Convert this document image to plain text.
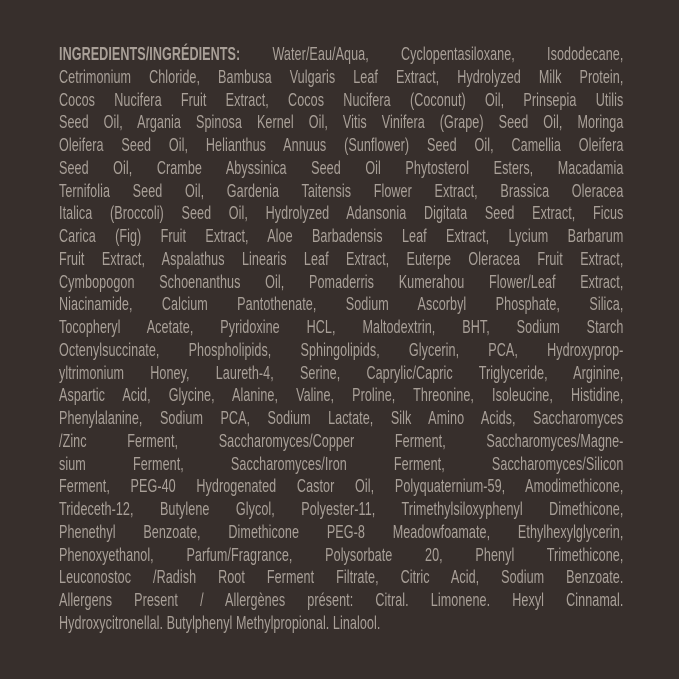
INGREDIENTS/INGRÉDIENTS: Water/Eau/Aqua, Cyclopentasiloxane, Isododecane,
Cetrimonium Chloride, Bambusa Vulgaris Leaf Extract, Hydrolyzed Milk Protein,
Cocos Nucifera Fruit Extract, Cocos Nucifera (Coconut) Oil, Prinsepia Utilis
Seed Oil, Argania Spinosa Kernel Oil, Vitis Vinifera (Grape) Seed Oil, Moringa
Oleifera Seed Oil, Helianthus Annuus (Sunflower) Seed Oil, Camellia Oleifera
Seed Oil, Crambe Abyssinica Seed Oil Phytosterol Esters, Macadamia
Ternifolia Seed Oil, Gardenia Taitensis Flower Extract, Brassica Oleracea
Italica (Broccoli) Seed Oil, Hydrolyzed Adansonia Digitata Seed Extract, Ficus
Carica (Fig) Fruit Extract, Aloe Barbadensis Leaf Extract, Lycium Barbarum
Fruit Extract, Aspalathus Linearis Leaf Extract, Euterpe Oleracea Fruit Extract,
Cymbopogon Schoenanthus Oil, Pomaderris Kumerahou Flower/Leaf Extract,
Niacinamide, Calcium Pantothenate, Sodium Ascorbyl Phosphate, Silica,
Tocopheryl Acetate, Pyridoxine HCL, Maltodextrin, BHT, Sodium Starch
Octenylsuccinate, Phospholipids, Sphingolipids, Glycerin, PCA, Hydroxyprop-
yltrimonium Honey, Laureth-4, Serine, Caprylic/Capric Triglyceride, Arginine,
Aspartic Acid, Glycine, Alanine, Valine, Proline, Threonine, Isoleucine, Histidine,
Phenylalanine, Sodium PCA, Sodium Lactate, Silk Amino Acids, Saccharomyces
/Zinc Ferment, Saccharomyces/Copper Ferment, Saccharomyces/Magne-
sium Ferment, Saccharomyces/Iron Ferment, Saccharomyces/Silicon
Ferment, PEG-40 Hydrogenated Castor Oil, Polyquaternium-59, Amodimethicone,
Trideceth-12, Butylene Glycol, Polyester-11, Trimethylsiloxyphenyl Dimethicone,
Phenethyl Benzoate, Dimethicone PEG-8 Meadowfoamate, Ethylhexylglycerin,
Phenoxyethanol, Parfum/Fragrance, Polysorbate 20, Phenyl Trimethicone,
Leuconostoc /Radish Root Ferment Filtrate, Citric Acid, Sodium Benzoate.
Allergens Present / Allergènes présent: Citral. Limonene. Hexyl Cinnamal.
Hydroxycitronellal. Butylphenyl Methylpropional. Linalool.
